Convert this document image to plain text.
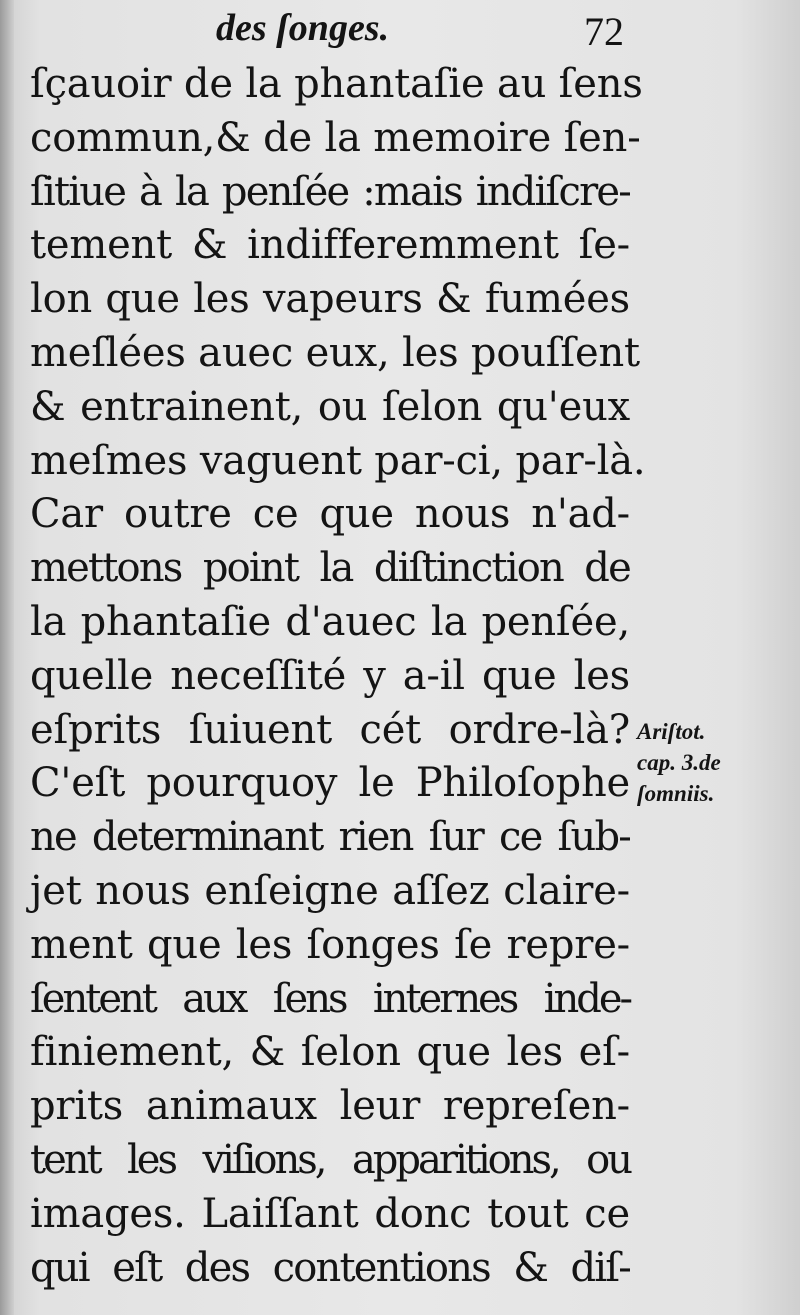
des ſonges.	72
ſçauoir de la phantaſie au ſens
commun,& de la memoire ſen-
ſitiue à la penſée :mais indiſcre-
tement & indifferemment ſe-
lon que les vapeurs & fumées
meſlées auec eux, les pouſſent
& entrainent, ou ſelon qu'eux
meſmes vaguent par-ci, par-là.
Car outre ce que nous n'ad-
mettons point la diſtinction de
la phantaſie d'auec la penſée,
quelle neceſſité y a-il que les
eſprits ſuiuent cét ordre-là?
C'eſt pourquoy le Philoſophe
ne determinant rien ſur ce ſub-
jet nous enſeigne aſſez claire-
ment que les ſonges ſe repre-
ſentent aux ſens internes inde-
finiement, & ſelon que les eſ-
prits animaux leur repreſen-
tent les viſions, apparitions, ou
images. Laiſſant donc tout ce
qui eſt des contentions & diſ-
Ariſtot.
cap. 3.de
ſomniis.
